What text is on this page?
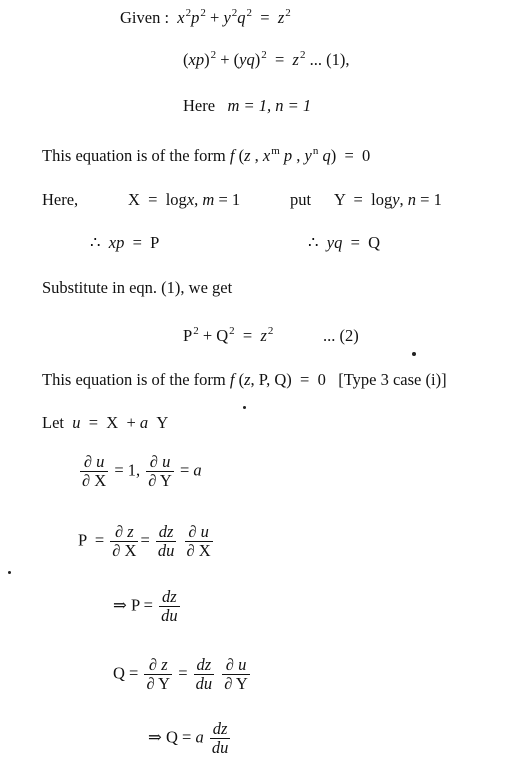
Given : $x^2p^2 + y^2q^2 = z^2$
$(xp)^2 + (yq)^2 = z^2$ ... (1),
Here m = 1, n = 1
This equation is of the form f (z , $x^m$ p , $y^n$ q)  =  0
Here,	X  =  logx, m = 1	put Y  =  logy, n = 1
∴ xp  =  P	∴ yq  =  Q
Substitute in eqn. (1), we get
$P^2 + Q^2 = z^2$	... (2)
This equation is of the form f (z, P, Q)  =  0   [Type 3 case (i)]
Let u  =  X  + a  Y
$\frac{\partial u}{\partial X} = 1$, $\frac{\partial u}{\partial Y} = a$
$P = \frac{\partial z}{\partial X} = \frac{dz}{du}$
$\frac{\partial u}{\partial X}$
⇒ $P = \frac{dz}{du}$
$Q = \frac{\partial z}{\partial Y} = \frac{dz}{du}$
$\frac{\partial u}{\partial Y}$
⇒ Q = a $\frac{dz}{du}$
